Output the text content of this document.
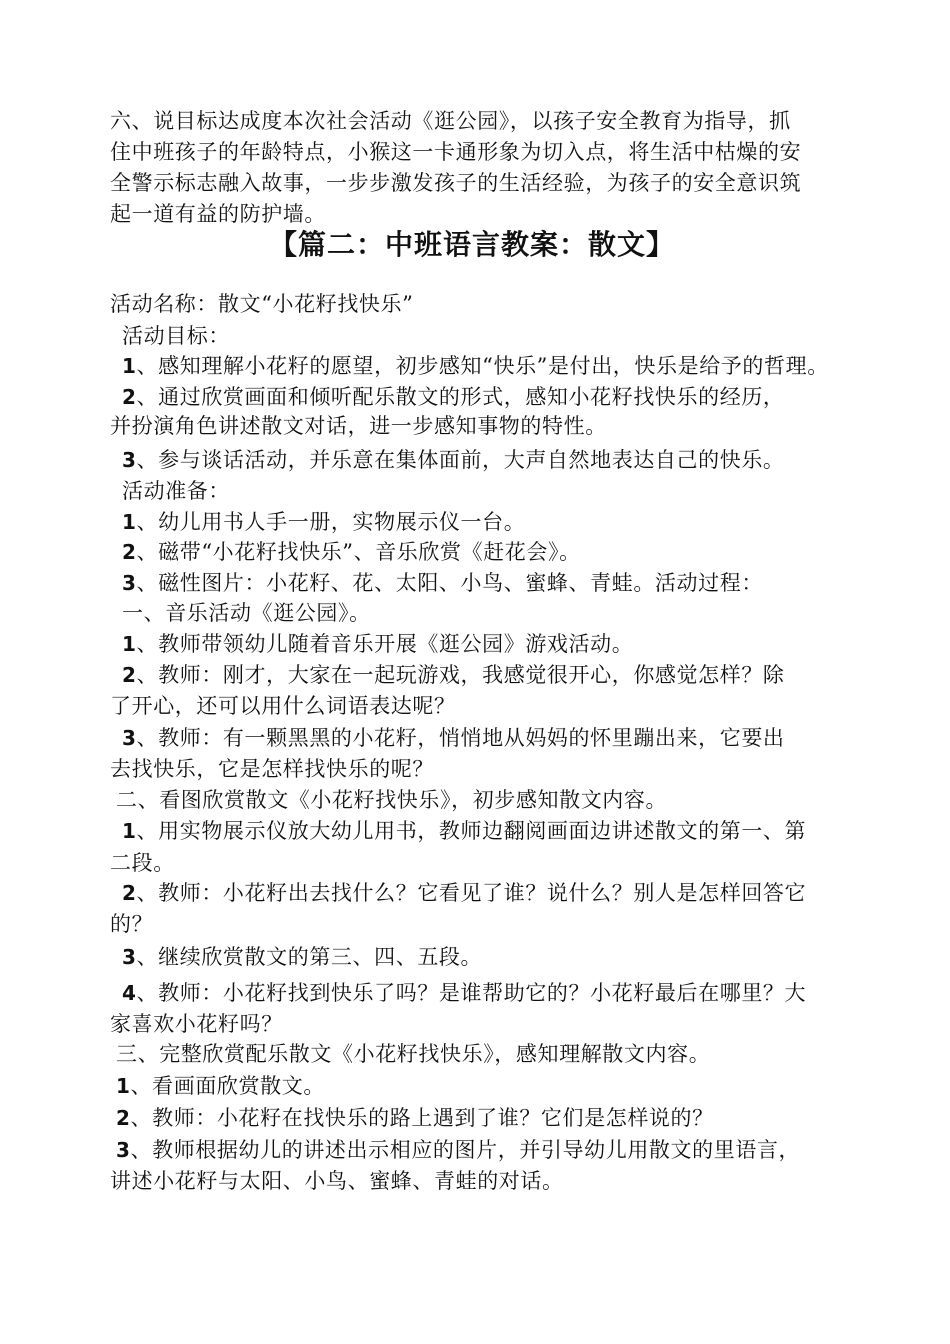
六、说目标达成度本次社会活动《逛公园》，以孩子安全教育为指导，抓
住中班孩子的年龄特点，小猴这一卡通形象为切入点，将生活中枯燥的安
全警示标志融入故事，一步步激发孩子的生活经验，为孩子的安全意识筑
起一道有益的防护墙。
【篇二：中班语言教案：散文】
活动名称：散文“小花籽找快乐”
活动目标：
1、感知理解小花籽的愿望，初步感知“快乐”是付出，快乐是给予的哲理。
2、通过欣赏画面和倾听配乐散文的形式，感知小花籽找快乐的经历，
并扮演角色讲述散文对话，进一步感知事物的特性。
3、参与谈话活动，并乐意在集体面前，大声自然地表达自己的快乐。
活动准备：
1、幼儿用书人手一册，实物展示仪一台。
2、磁带“小花籽找快乐”、音乐欣赏《赶花会》。
3、磁性图片：小花籽、花、太阳、小鸟、蜜蜂、青蛙。活动过程：
一、音乐活动《逛公园》。
1、教师带领幼儿随着音乐开展《逛公园》游戏活动。
2、教师：刚才，大家在一起玩游戏，我感觉很开心，你感觉怎样？除
了开心，还可以用什么词语表达呢？
3、教师：有一颗黑黑的小花籽，悄悄地从妈妈的怀里蹦出来，它要出
去找快乐，它是怎样找快乐的呢？
二、看图欣赏散文《小花籽找快乐》，初步感知散文内容。
1、用实物展示仪放大幼儿用书，教师边翻阅画面边讲述散文的第一、第
二段。
2、教师：小花籽出去找什么？它看见了谁？说什么？别人是怎样回答它
的？
3、继续欣赏散文的第三、四、五段。
4、教师：小花籽找到快乐了吗？是谁帮助它的？小花籽最后在哪里？大
家喜欢小花籽吗？
三、完整欣赏配乐散文《小花籽找快乐》，感知理解散文内容。
1、看画面欣赏散文。
2、教师：小花籽在找快乐的路上遇到了谁？它们是怎样说的？
3、教师根据幼儿的讲述出示相应的图片，并引导幼儿用散文的里语言，
讲述小花籽与太阳、小鸟、蜜蜂、青蛙的对话。
